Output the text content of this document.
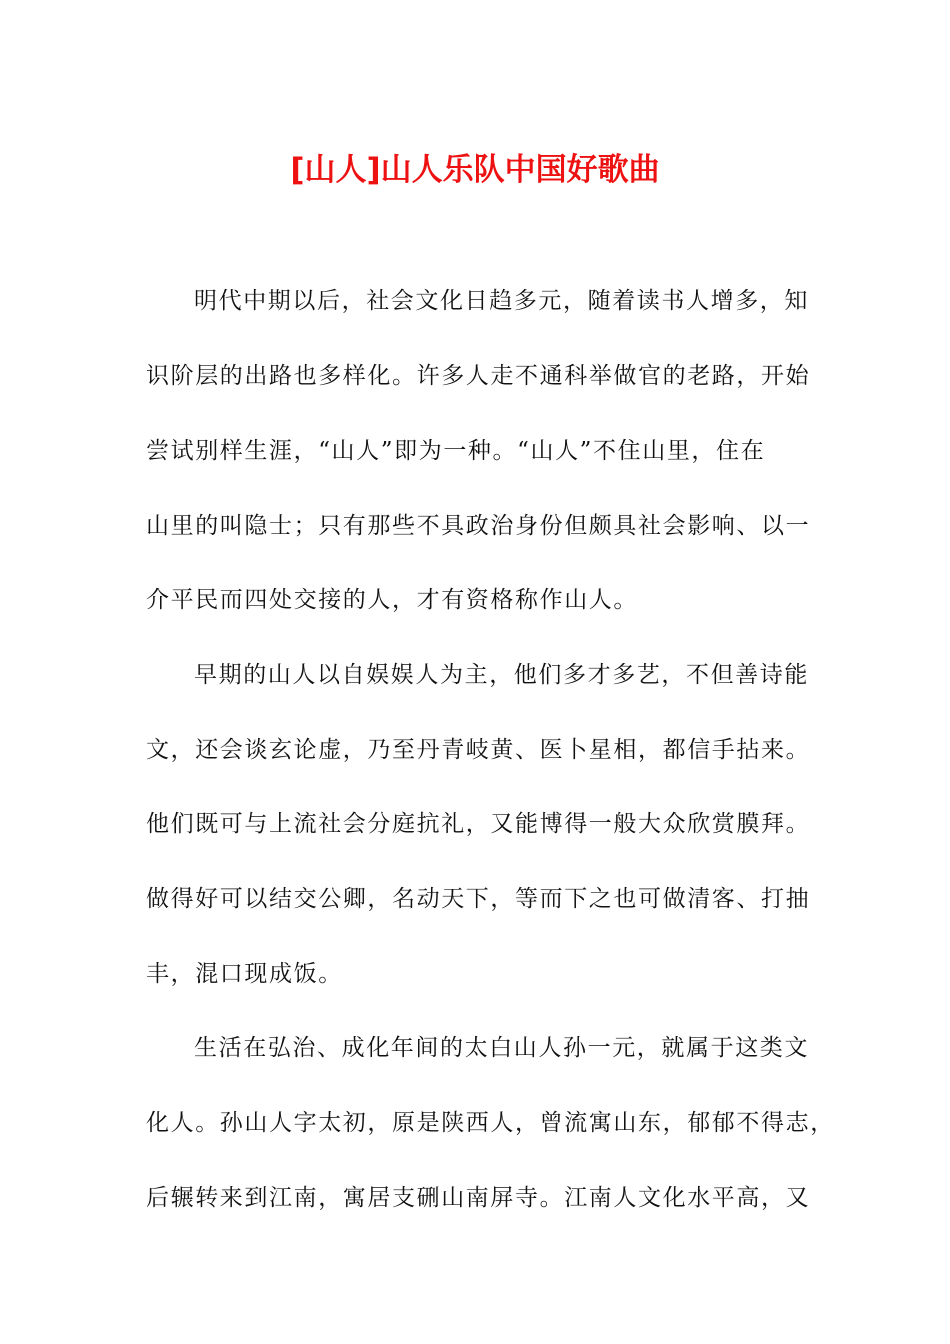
[山人]山人乐队中国好歌曲
明代中期以后，社会文化日趋多元，随着读书人增多，知
识阶层的出路也多样化。许多人走不通科举做官的老路，开始
尝试别样生涯，“山人”即为一种。“山人”不住山里，住在
山里的叫隐士；只有那些不具政治身份但颇具社会影响、以一
介平民而四处交接的人，才有资格称作山人。
早期的山人以自娱娱人为主，他们多才多艺，不但善诗能
文，还会谈玄论虚，乃至丹青岐黄、医卜星相，都信手拈来。
他们既可与上流社会分庭抗礼，又能博得一般大众欣赏膜拜。
做得好可以结交公卿，名动天下，等而下之也可做清客、打抽
丰，混口现成饭。
生活在弘治、成化年间的太白山人孙一元，就属于这类文
化人。孙山人字太初，原是陕西人，曾流寓山东，郁郁不得志，
后辗转来到江南，寓居支硎山南屏寺。江南人文化水平高，又
